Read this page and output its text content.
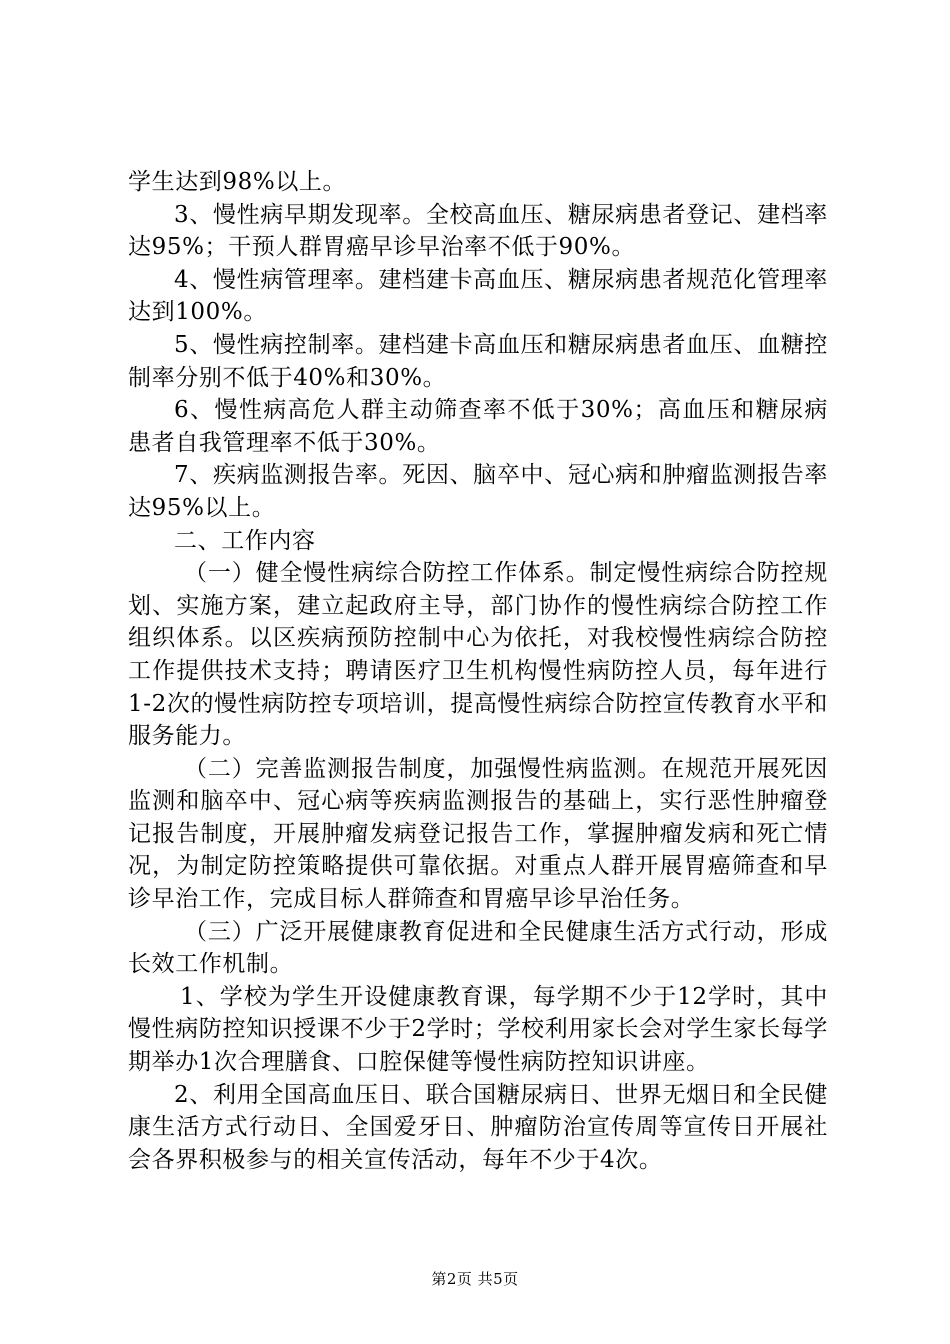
学生达到98%以上。

3、慢性病早期发现率。全校高血压、糖尿病患者登记、建档率达95%；干预人群胃癌早诊早治率不低于90%。

4、慢性病管理率。建档建卡高血压、糖尿病患者规范化管理率达到100%。

5、慢性病控制率。建档建卡高血压和糖尿病患者血压、血糖控制率分别不低于40%和30%。

6、慢性病高危人群主动筛查率不低于30%；高血压和糖尿病患者自我管理率不低于30%。

7、疾病监测报告率。死因、脑卒中、冠心病和肿瘤监测报告率达95%以上。

二、工作内容

（一）健全慢性病综合防控工作体系。制定慢性病综合防控规划、实施方案，建立起政府主导，部门协作的慢性病综合防控工作组织体系。以区疾病预防控制中心为依托，对我校慢性病综合防控工作提供技术支持；聘请医疗卫生机构慢性病防控人员，每年进行1-2次的慢性病防控专项培训，提高慢性病综合防控宣传教育水平和服务能力。

（二）完善监测报告制度，加强慢性病监测。在规范开展死因监测和脑卒中、冠心病等疾病监测报告的基础上，实行恶性肿瘤登记报告制度，开展肿瘤发病登记报告工作，掌握肿瘤发病和死亡情况，为制定防控策略提供可靠依据。对重点人群开展胃癌筛查和早诊早治工作，完成目标人群筛查和胃癌早诊早治任务。

（三）广泛开展健康教育促进和全民健康生活方式行动，形成长效工作机制。

1、学校为学生开设健康教育课，每学期不少于12学时，其中慢性病防控知识授课不少于2学时；学校利用家长会对学生家长每学期举办1次合理膳食、口腔保健等慢性病防控知识讲座。

2、利用全国高血压日、联合国糖尿病日、世界无烟日和全民健康生活方式行动日、全国爱牙日、肿瘤防治宣传周等宣传日开展社会各界积极参与的相关宣传活动，每年不少于4次。

第2页 共5页
